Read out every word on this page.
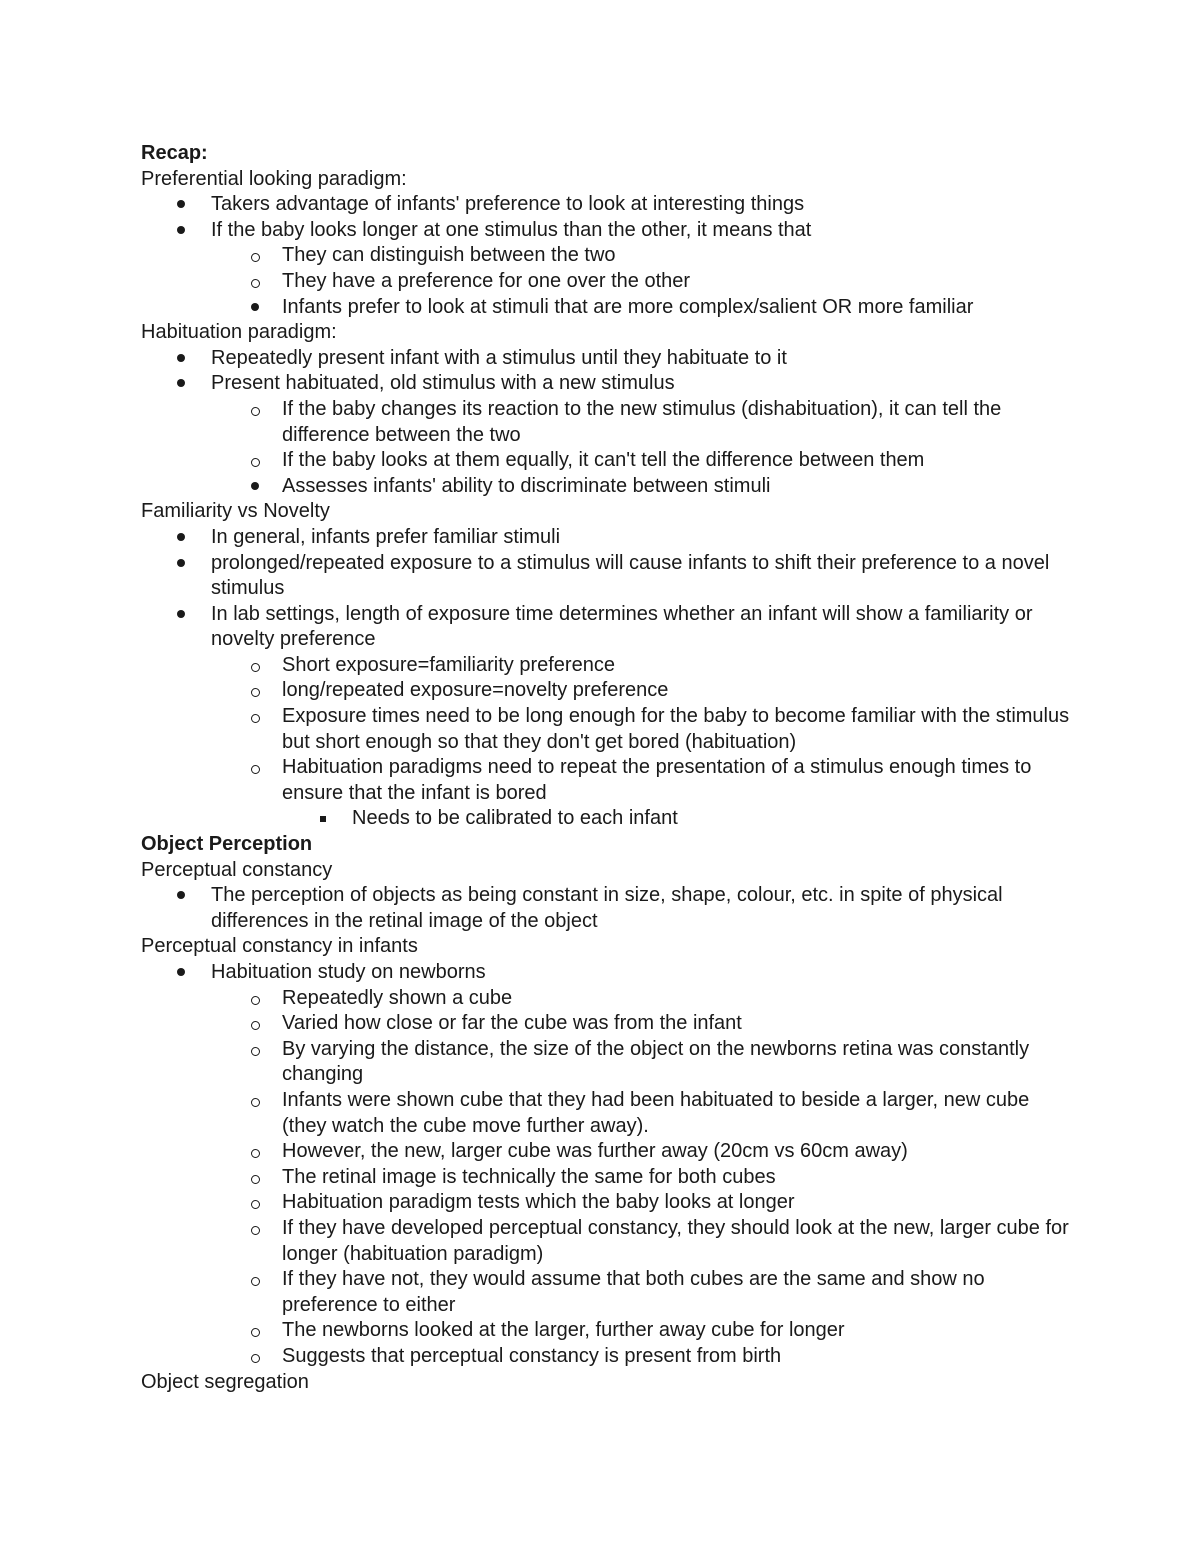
Recap:
Preferential looking paradigm:
Takers advantage of infants' preference to look at interesting things
If the baby looks longer at one stimulus than the other, it means that
They can distinguish between the two
They have a preference for one over the other
Infants prefer to look at stimuli that are more complex/salient OR more familiar
Habituation paradigm:
Repeatedly present infant with a stimulus until they habituate to it
Present habituated, old stimulus with a new stimulus
If the baby changes its reaction to the new stimulus (dishabituation), it can tell the difference between the two
If the baby looks at them equally, it can't tell the difference between them
Assesses infants' ability to discriminate between stimuli
Familiarity vs Novelty
In general, infants prefer familiar stimuli
prolonged/repeated exposure to a stimulus will cause infants to shift their preference to a novel stimulus
In lab settings, length of exposure time determines whether an infant will show a familiarity or novelty preference
Short exposure=familiarity preference
long/repeated exposure=novelty preference
Exposure times need to be long enough for the baby to become familiar with the stimulus but short enough so that they don't get bored (habituation)
Habituation paradigms need to repeat the presentation of a stimulus enough times to ensure that the infant is bored
Needs to be calibrated to each infant
Object Perception
Perceptual constancy
The perception of objects as being constant in size, shape, colour, etc. in spite of physical differences in the retinal image of the object
Perceptual constancy in infants
Habituation study on newborns
Repeatedly shown a cube
Varied how close or far the cube was from the infant
By varying the distance, the size of the object on the newborns retina was constantly changing
Infants were shown cube that they had been habituated to beside a larger, new cube (they watch the cube move further away).
However, the new, larger cube was further away (20cm vs 60cm away)
The retinal image is technically the same for both cubes
Habituation paradigm tests which the baby looks at longer
If they have developed perceptual constancy, they should look at the new, larger cube for longer (habituation paradigm)
If they have not, they would assume that both cubes are the same and show no preference to either
The newborns looked at the larger, further away cube for longer
Suggests that perceptual constancy is present from birth
Object segregation
